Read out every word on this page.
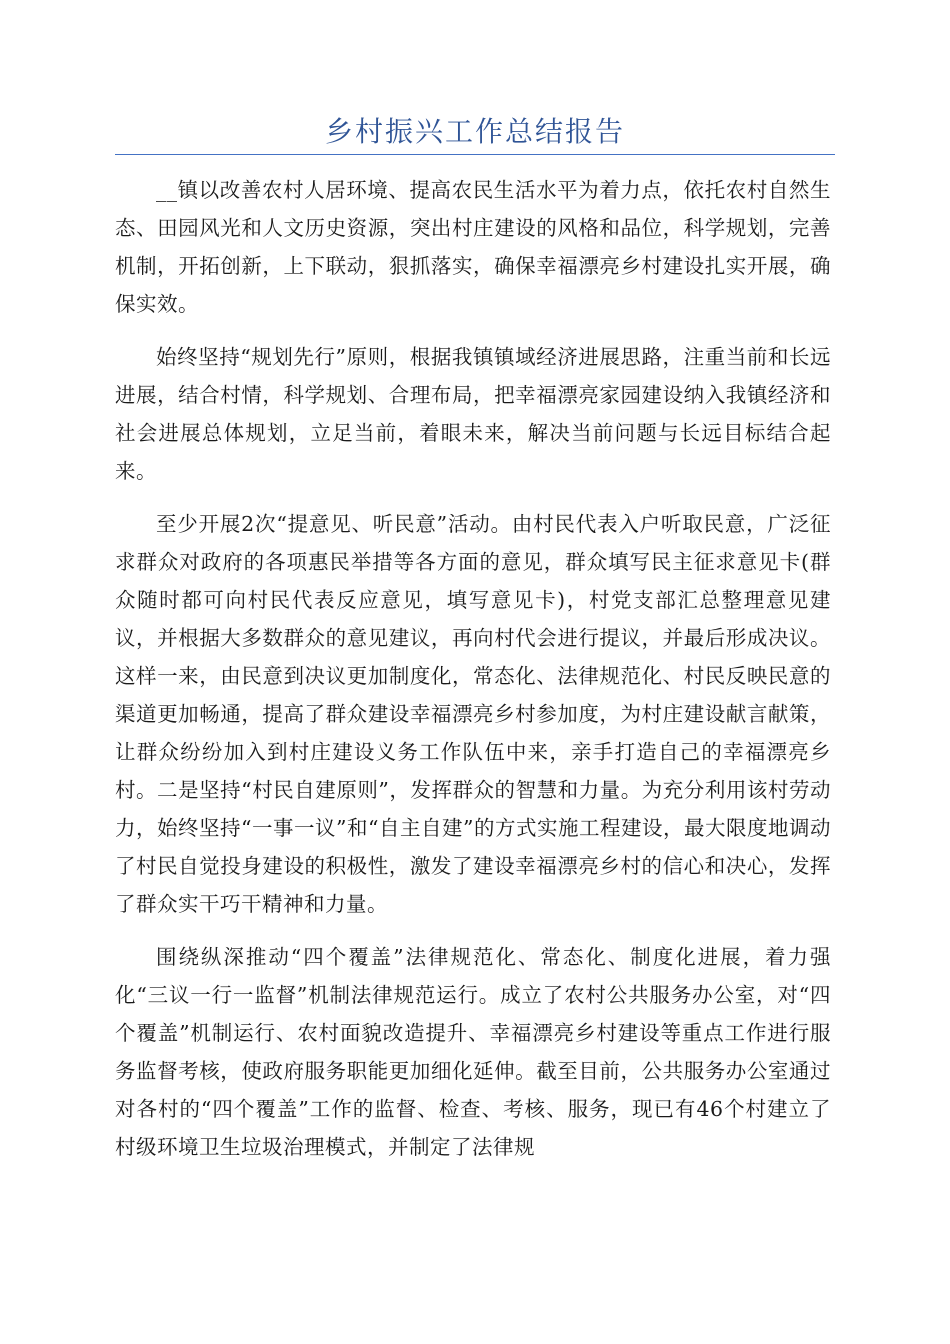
乡村振兴工作总结报告

__镇以改善农村人居环境、提高农民生活水平为着力点，依托农村自然生态、田园风光和人文历史资源，突出村庄建设的风格和品位，科学规划，完善机制，开拓创新，上下联动，狠抓落实，确保幸福漂亮乡村建设扎实开展，确保实效。

始终坚持“规划先行”原则，根据我镇镇域经济进展思路，注重当前和长远进展，结合村情，科学规划、合理布局，把幸福漂亮家园建设纳入我镇经济和社会进展总体规划，立足当前，着眼未来，解决当前问题与长远目标结合起来。

至少开展2次“提意见、听民意”活动。由村民代表入户听取民意，广泛征求群众对政府的各项惠民举措等各方面的意见，群众填写民主征求意见卡(群众随时都可向村民代表反应意见，填写意见卡)，村党支部汇总整理意见建议，并根据大多数群众的意见建议，再向村代会进行提议，并最后形成决议。这样一来，由民意到决议更加制度化，常态化、法律规范化、村民反映民意的渠道更加畅通，提高了群众建设幸福漂亮乡村参加度，为村庄建设献言献策，让群众纷纷加入到村庄建设义务工作队伍中来，亲手打造自己的幸福漂亮乡村。二是坚持“村民自建原则”，发挥群众的智慧和力量。为充分利用该村劳动力，始终坚持“一事一议”和“自主自建”的方式实施工程建设，最大限度地调动了村民自觉投身建设的积极性，激发了建设幸福漂亮乡村的信心和决心，发挥了群众实干巧干精神和力量。

围绕纵深推动“四个覆盖”法律规范化、常态化、制度化进展，着力强化“三议一行一监督”机制法律规范运行。成立了农村公共服务办公室，对“四个覆盖”机制运行、农村面貌改造提升、幸福漂亮乡村建设等重点工作进行服务监督考核，使政府服务职能更加细化延伸。截至目前，公共服务办公室通过对各村的“四个覆盖”工作的监督、检查、考核、服务，现已有46个村建立了村级环境卫生垃圾治理模式，并制定了法律规
